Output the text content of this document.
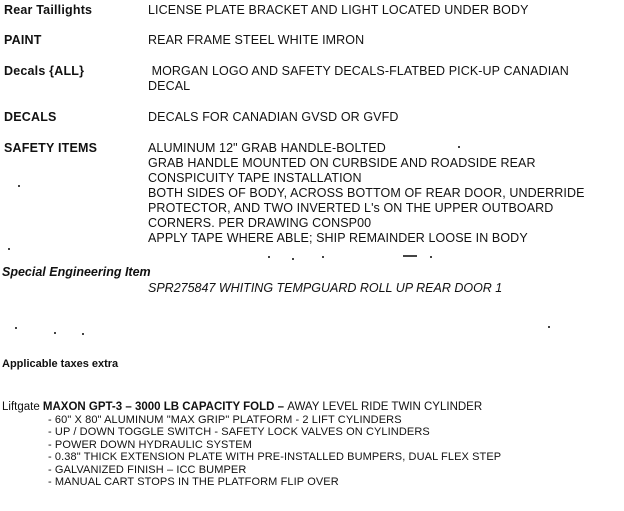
Rear Taillights	LICENSE PLATE BRACKET AND LIGHT LOCATED UNDER BODY
PAINT	REAR FRAME STEEL WHITE IMRON
Decals {ALL}	MORGAN LOGO AND SAFETY DECALS-FLATBED PICK-UP CANADIAN
DECAL
DECALS	DECALS FOR CANADIAN GVSD OR GVFD
SAFETY ITEMS	ALUMINUM 12" GRAB HANDLE-BOLTED
GRAB HANDLE MOUNTED ON CURBSIDE AND ROADSIDE REAR
CONSPICUITY TAPE INSTALLATION
BOTH SIDES OF BODY, ACROSS BOTTOM OF REAR DOOR, UNDERRIDE
PROTECTOR, AND TWO INVERTED L's ON THE UPPER OUTBOARD
CORNERS. PER DRAWING CONSP00
APPLY TAPE WHERE ABLE; SHIP REMAINDER LOOSE IN BODY
Special Engineering Item
SPR275847 WHITING TEMPGUARD ROLL UP REAR DOOR 1
Applicable taxes extra
Liftgate MAXON GPT-3 – 3000 LB CAPACITY FOLD – AWAY LEVEL RIDE TWIN CYLINDER
- 60" X 80" ALUMINUM "MAX GRIP" PLATFORM - 2 LIFT CYLINDERS
- UP / DOWN TOGGLE SWITCH - SAFETY LOCK VALVES ON CYLINDERS
- POWER DOWN HYDRAULIC SYSTEM
- 0.38" THICK EXTENSION PLATE WITH PRE-INSTALLED BUMPERS, DUAL FLEX STEP
- GALVANIZED FINISH – ICC BUMPER
- MANUAL CART STOPS IN THE PLATFORM FLIP OVER
